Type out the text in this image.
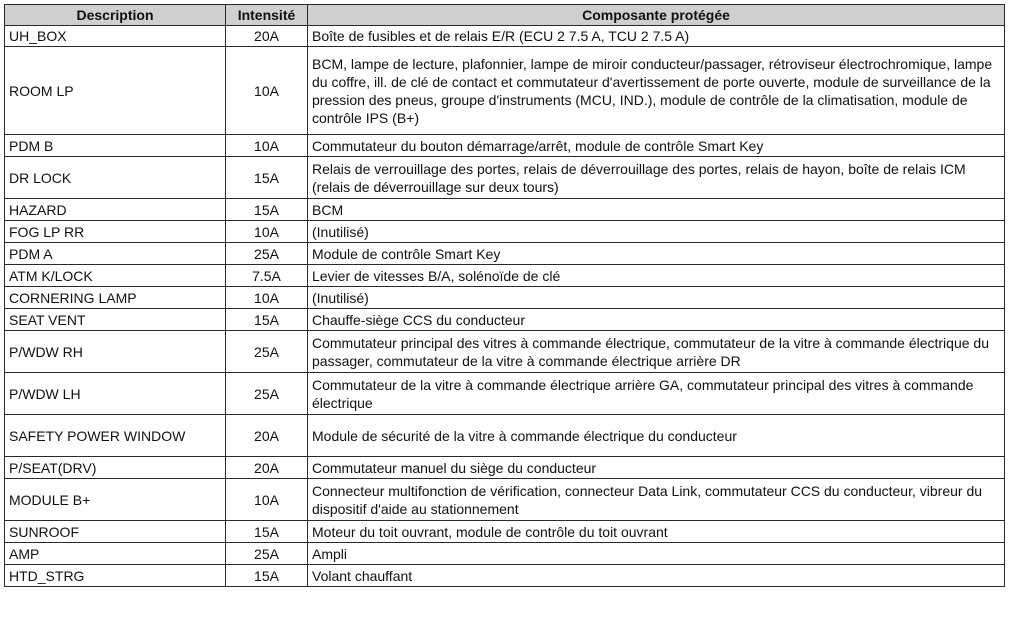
Description	Intensité	Composante protégée
UH_BOX	20A	Boîte de fusibles et de relais E/R (ECU 2 7.5 A, TCU 2 7.5 A)
ROOM LP	10A	BCM, lampe de lecture, plafonnier, lampe de miroir conducteur/passager, rétroviseur électrochromique, lampe du coffre, ill. de clé de contact et commutateur d'avertissement de porte ouverte, module de surveillance de la pression des pneus, groupe d'instruments (MCU, IND.), module de contrôle de la climatisation, module de contrôle IPS (B+)
PDM B	10A	Commutateur du bouton démarrage/arrêt, module de contrôle Smart Key
DR LOCK	15A	Relais de verrouillage des portes, relais de déverrouillage des portes, relais de hayon, boîte de relais ICM (relais de déverrouillage sur deux tours)
HAZARD	15A	BCM
FOG LP RR	10A	(Inutilisé)
PDM A	25A	Module de contrôle Smart Key
ATM K/LOCK	7.5A	Levier de vitesses B/A, solénoïde de clé
CORNERING LAMP	10A	(Inutilisé)
SEAT VENT	15A	Chauffe-siège CCS du conducteur
P/WDW RH	25A	Commutateur principal des vitres à commande électrique, commutateur de la vitre à commande électrique du passager, commutateur de la vitre à commande électrique arrière DR
P/WDW LH	25A	Commutateur de la vitre à commande électrique arrière GA, commutateur principal des vitres à commande électrique
SAFETY POWER WINDOW	20A	Module de sécurité de la vitre à commande électrique du conducteur
P/SEAT(DRV)	20A	Commutateur manuel du siège du conducteur
MODULE B+	10A	Connecteur multifonction de vérification, connecteur Data Link, commutateur CCS du conducteur, vibreur du dispositif d'aide au stationnement
SUNROOF	15A	Moteur du toit ouvrant, module de contrôle du toit ouvrant
AMP	25A	Ampli
HTD_STRG	15A	Volant chauffant
